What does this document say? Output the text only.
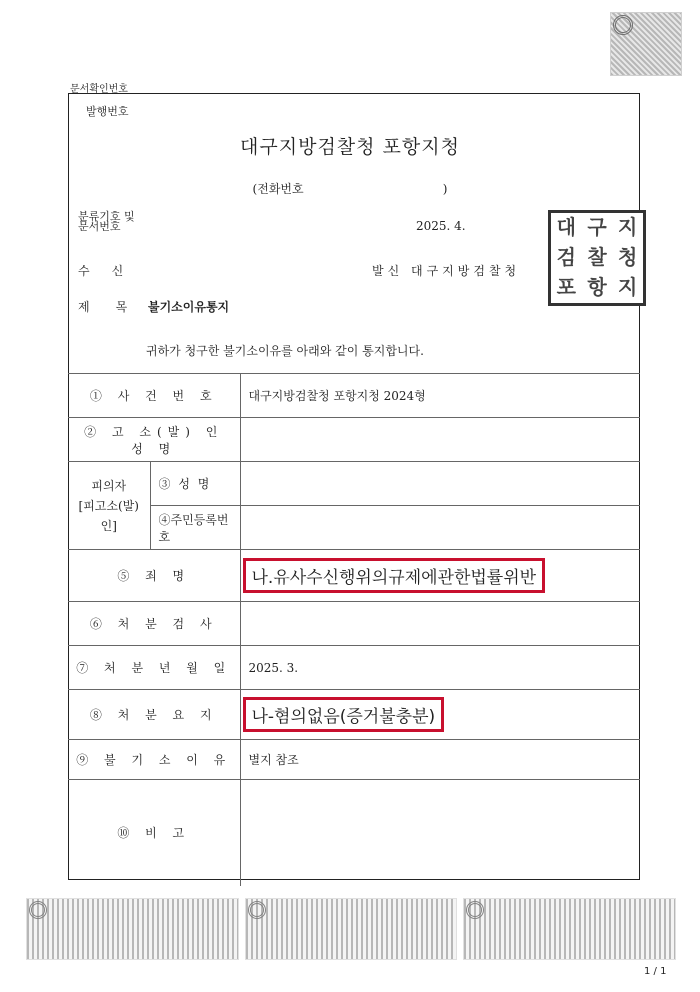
문서확인번호
발행번호
대구지방검찰청 포항지청
(전화번호	)
분류기호 및
문서번호	2025. 4.
수신	발신 대구지방검찰청
대 구 지
검 찰 청
포 항 지
제목
불기소이유통지
귀하가 청구한 불기소이유를 아래와 같이 통지합니다.
① 사 건 번 호		대구지방검찰청 포항지청 2024형
② 고 소(발) 인 성 명		
피의자
[피고소(발)인]	③ 성 명	
	④주민등록번호	
⑤ 죄 명		나.유사수신행위의규제에관한법률위반
⑥ 처 분 검 사		
⑦ 처 분 년 월 일		2025. 3.
⑧ 처 분 요 지		나-혐의없음(증거불충분)
⑨ 불 기 소 이 유		별지 참조
⑩ 비 고		
1 / 1
